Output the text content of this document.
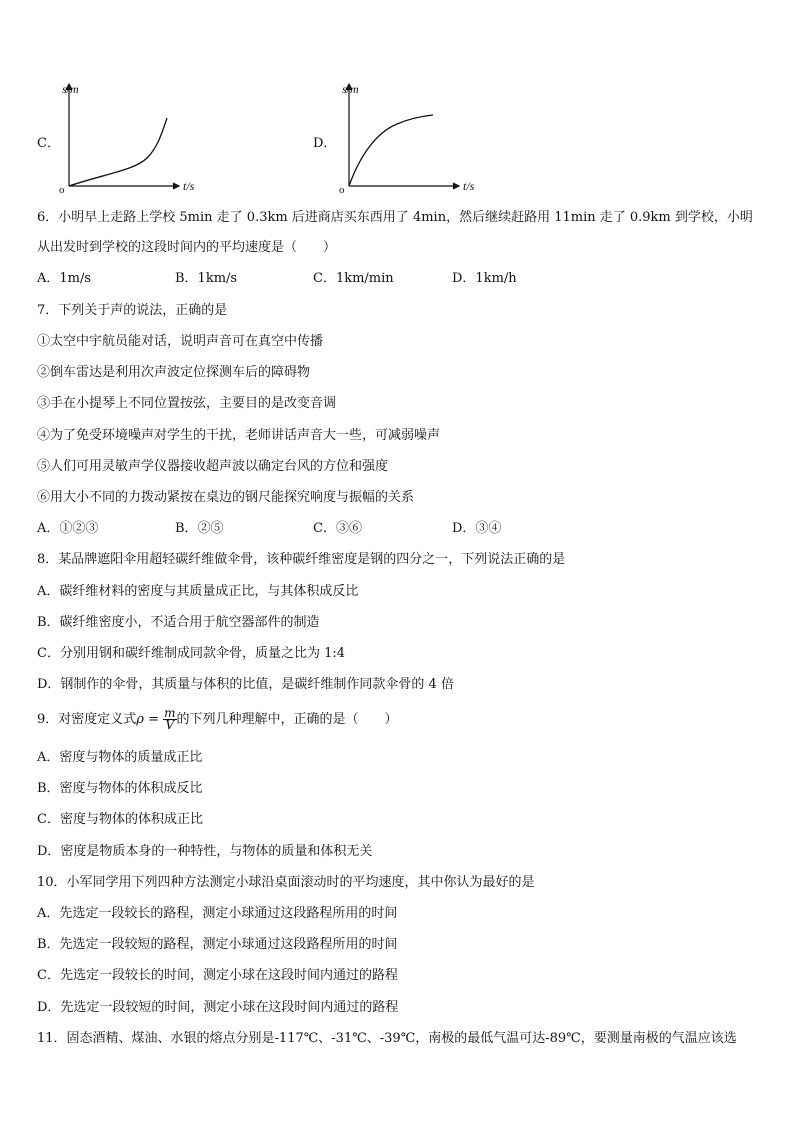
C．
s/m
t/s
o
D．
s/m
t/s
o
6．小明早上走路上学校 5min 走了 0.3km 后进商店买东西用了 4min，然后继续赶路用 11min 走了 0.9km 到学校，小明
从出发时到学校的这段时间内的平均速度是（　　）
A．1m/s	B．1km/s	C．1km/min	D．1km/h
7．下列关于声的说法，正确的是
①太空中宇航员能对话，说明声音可在真空中传播
②倒车雷达是利用次声波定位探测车后的障碍物
③手在小提琴上不同位置按弦，主要目的是改变音调
④为了免受环境噪声对学生的干扰，老师讲话声音大一些，可减弱噪声
⑤人们可用灵敏声学仪器接收超声波以确定台风的方位和强度
⑥用大小不同的力拨动紧按在桌边的钢尺能探究响度与振幅的关系
A．①②③	B．②⑤	C．③⑥	D．③④
8．某品牌遮阳伞用超轻碳纤维做伞骨，该种碳纤维密度是钢的四分之一，下列说法正确的是
A．碳纤维材料的密度与其质量成正比，与其体积成反比
B．碳纤维密度小，不适合用于航空器部件的制造
C．分别用钢和碳纤维制成同款伞骨，质量之比为 1:4
D．钢制作的伞骨，其质量与体积的比值，是碳纤维制作同款伞骨的 4 倍
9．对密度定义式$\rho = \frac{m}{V}$ 的下列几种理解中，正确的是（　　）
A．密度与物体的质量成正比
B．密度与物体的体积成反比
C．密度与物体的体积成正比
D．密度是物质本身的一种特性，与物体的质量和体积无关
10．小军同学用下列四种方法测定小球沿桌面滚动时的平均速度，其中你认为最好的是
A．先选定一段较长的路程，测定小球通过这段路程所用的时间
B．先选定一段较短的路程，测定小球通过这段路程所用的时间
C．先选定一段较长的时间，测定小球在这段时间内通过的路程
D．先选定一段较短的时间，测定小球在这段时间内通过的路程
11．固态酒精、煤油、水银的熔点分别是-117℃、-31℃、-39℃，南极的最低气温可达-89℃，要测量南极的气温应该选
